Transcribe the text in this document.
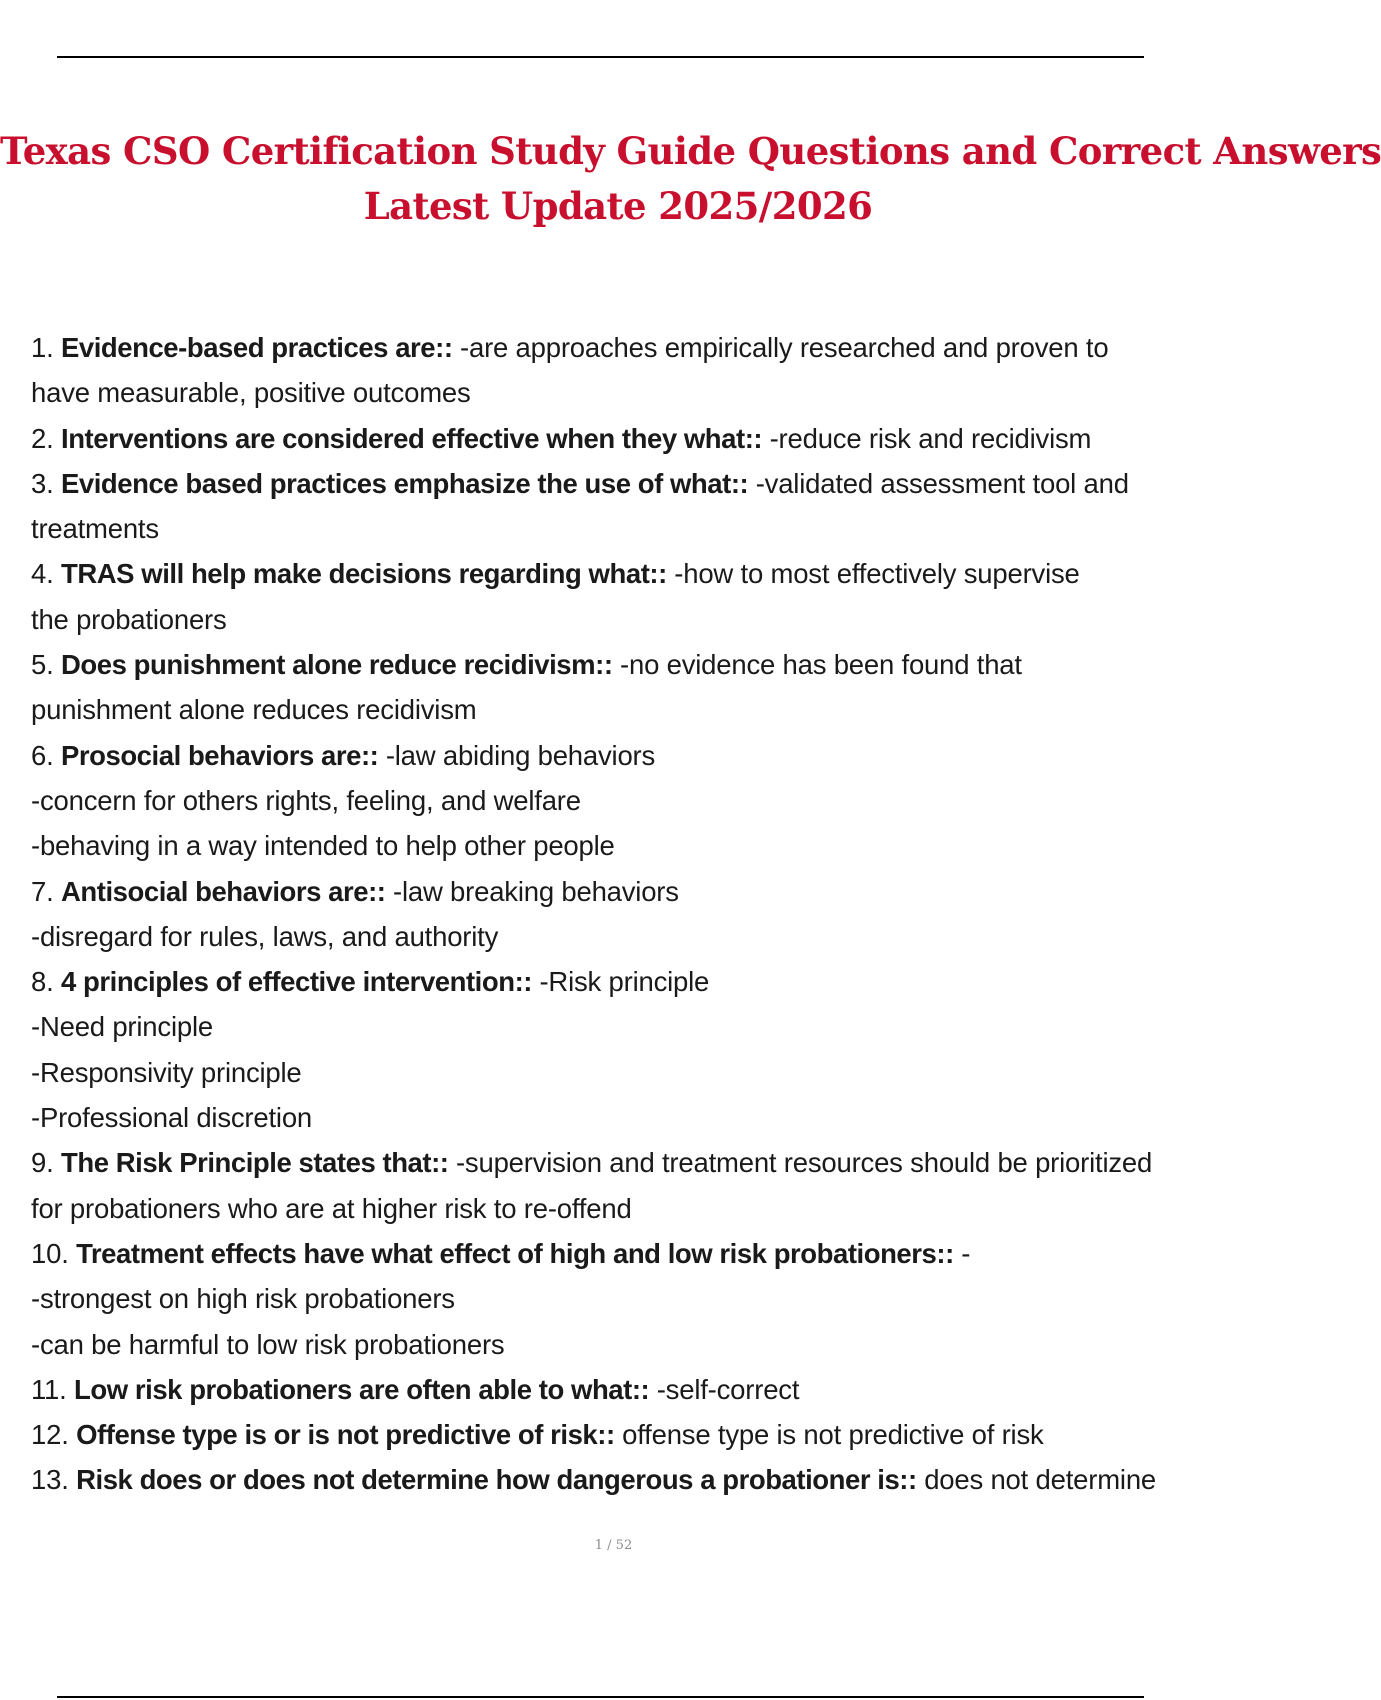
Texas CSO Certification Study Guide Questions and Correct Answers
Latest Update 2025/2026
1. Evidence-based practices are:: -are approaches empirically researched and proven to
have measurable, positive outcomes
2. Interventions are considered effective when they what:: -reduce risk and recidivism
3. Evidence based practices emphasize the use of what:: -validated assessment tool and
treatments
4. TRAS will help make decisions regarding what:: -how to most effectively supervise
the probationers
5. Does punishment alone reduce recidivism:: -no evidence has been found that
punishment alone reduces recidivism
6. Prosocial behaviors are:: -law abiding behaviors
-concern for others rights, feeling, and welfare
-behaving in a way intended to help other people
7. Antisocial behaviors are:: -law breaking behaviors
-disregard for rules, laws, and authority
8. 4 principles of effective intervention:: -Risk principle
-Need principle
-Responsivity principle
-Professional discretion
9. The Risk Principle states that:: -supervision and treatment resources should be prioritized
for probationers who are at higher risk to re-offend
10. Treatment effects have what effect of high and low risk probationers:: -
-strongest on high risk probationers
-can be harmful to low risk probationers
11. Low risk probationers are often able to what:: -self-correct
12. Offense type is or is not predictive of risk:: offense type is not predictive of risk
13. Risk does or does not determine how dangerous a probationer is:: does not determine
1 / 52
